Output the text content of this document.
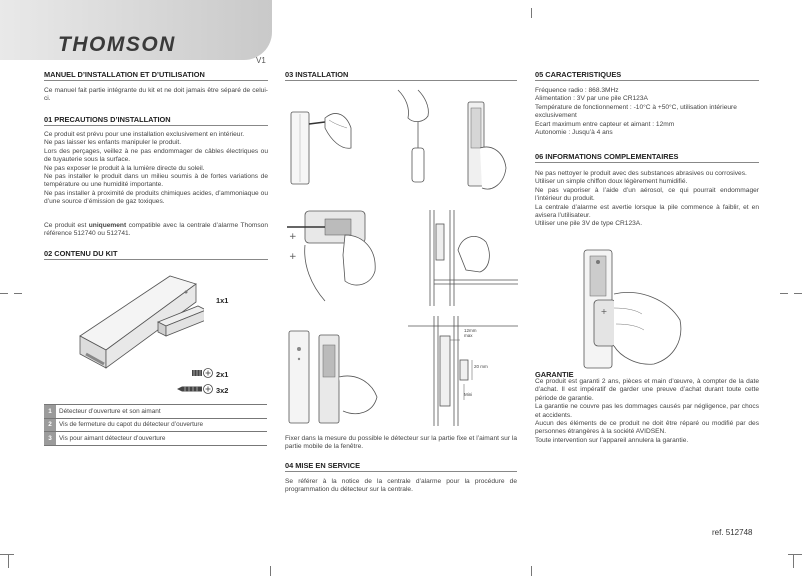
THOMSON
V1
MANUEL D’INSTALLATION ET D’UTILISATION
Ce manuel fait partie intégrante du kit et ne doit jamais être séparé de celui-ci.
01 PRECAUTIONS D’INSTALLATION
Ce produit est prévu pour une installation exclusivement en intérieur.
Ne pas laisser les enfants manipuler le produit.
Lors des perçages, veillez à ne pas endommager de câbles électriques ou de tuyauterie sous la surface.
Ne pas exposer le produit à la lumière directe du soleil.
Ne pas installer le produit dans un milieu soumis à de fortes variations de température ou une humidité importante.
Ne pas installer à proximité de produits chimiques acides, d’ammoniaque ou d’une source d’émission de gaz toxiques.
Ce produit est uniquement compatible avec la centrale d’alarme Thomson référence 512740 ou 512741.
02 CONTENU DU KIT
1x1
2x1
3x2
1	Détecteur d’ouverture et son aimant
2	Vis de fermeture du capot du détecteur d’ouverture
3	Vis pour aimant détecteur d’ouverture
03 INSTALLATION
+
+
12mm max
20 mm
Mini
Fixer dans la mesure du possible le détecteur sur la partie fixe et l’aimant sur la partie mobile de la fenêtre.
04 MISE EN SERVICE
Se référer à la notice de la centrale d’alarme pour la procédure de programmation du détecteur sur la centrale.
05 CARACTERISTIQUES
Fréquence radio : 868.3MHz
Alimentation : 3V par une pile CR123A
Température de fonctionnement : -10°C à +50°C, utilisation intérieure exclusivement
Ecart maximum entre capteur et aimant : 12mm
Autonomie : Jusqu’à 4 ans
06 INFORMATIONS COMPLEMENTAIRES
Ne pas nettoyer le produit avec des substances abrasives ou corrosives.
Utiliser un simple chiffon doux légèrement humidifié.
Ne pas vaporiser à l’aide d’un aérosol, ce qui pourrait endommager l’intérieur du produit.
La centrale d’alarme est avertie lorsque la pile commence à faiblir, et en avisera l’utilisateur.
Utiliser une pile 3V de type CR123A.
+
GARANTIE
Ce produit est garanti 2 ans, pièces et main d’œuvre, à compter de la date d’achat. Il est impératif de garder une preuve d’achat durant toute cette période de garantie.
La garantie ne couvre pas les dommages causés par négligence, par chocs et accidents.
Aucun des éléments de ce produit ne doit être réparé ou modifié par des personnes étrangères à la société AVIDSEN.
Toute intervention sur l’appareil annulera la garantie.
ref. 512748
